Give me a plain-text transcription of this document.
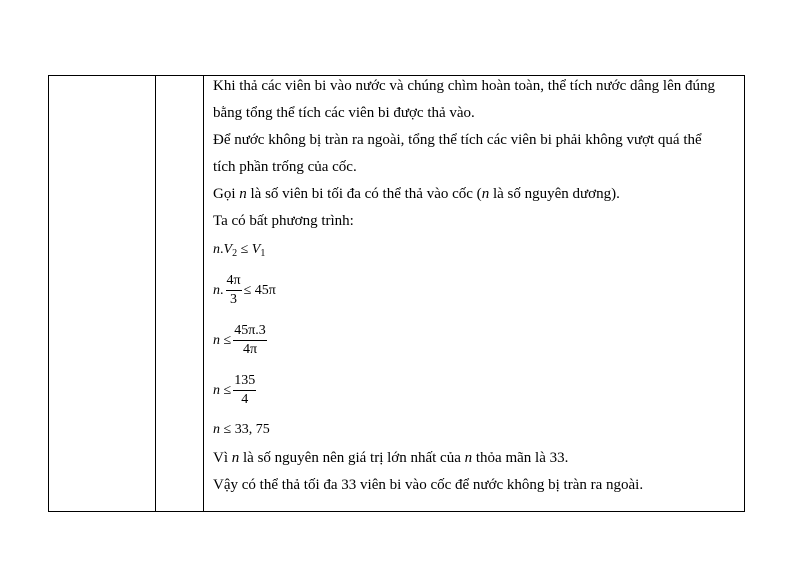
Khi thả các viên bi vào nước và chúng chìm hoàn toàn, thể tích nước dâng lên đúng
bằng tổng thể tích các viên bi được thả vào.
Để nước không bị tràn ra ngoài, tổng thể tích các viên bi phải không vượt quá thể
tích phần trống của cốc.
Gọi n là số viên bi tối đa có thể thả vào cốc (n là số nguyên dương).
Ta có bất phương trình:
$n.V_2 \le V_1$
n . $\frac{4\pi}{3}$ ≤
45π
n
≤ $\frac{45\pi.3}{4\pi}$
n
≤ $\frac{135}{4}$
n ≤ 33, 75
Vì n là số nguyên nên giá trị lớn nhất của n thỏa mãn là 33.
Vậy có thể thả tối đa 33 viên bi vào cốc để nước không bị tràn ra ngoài.
